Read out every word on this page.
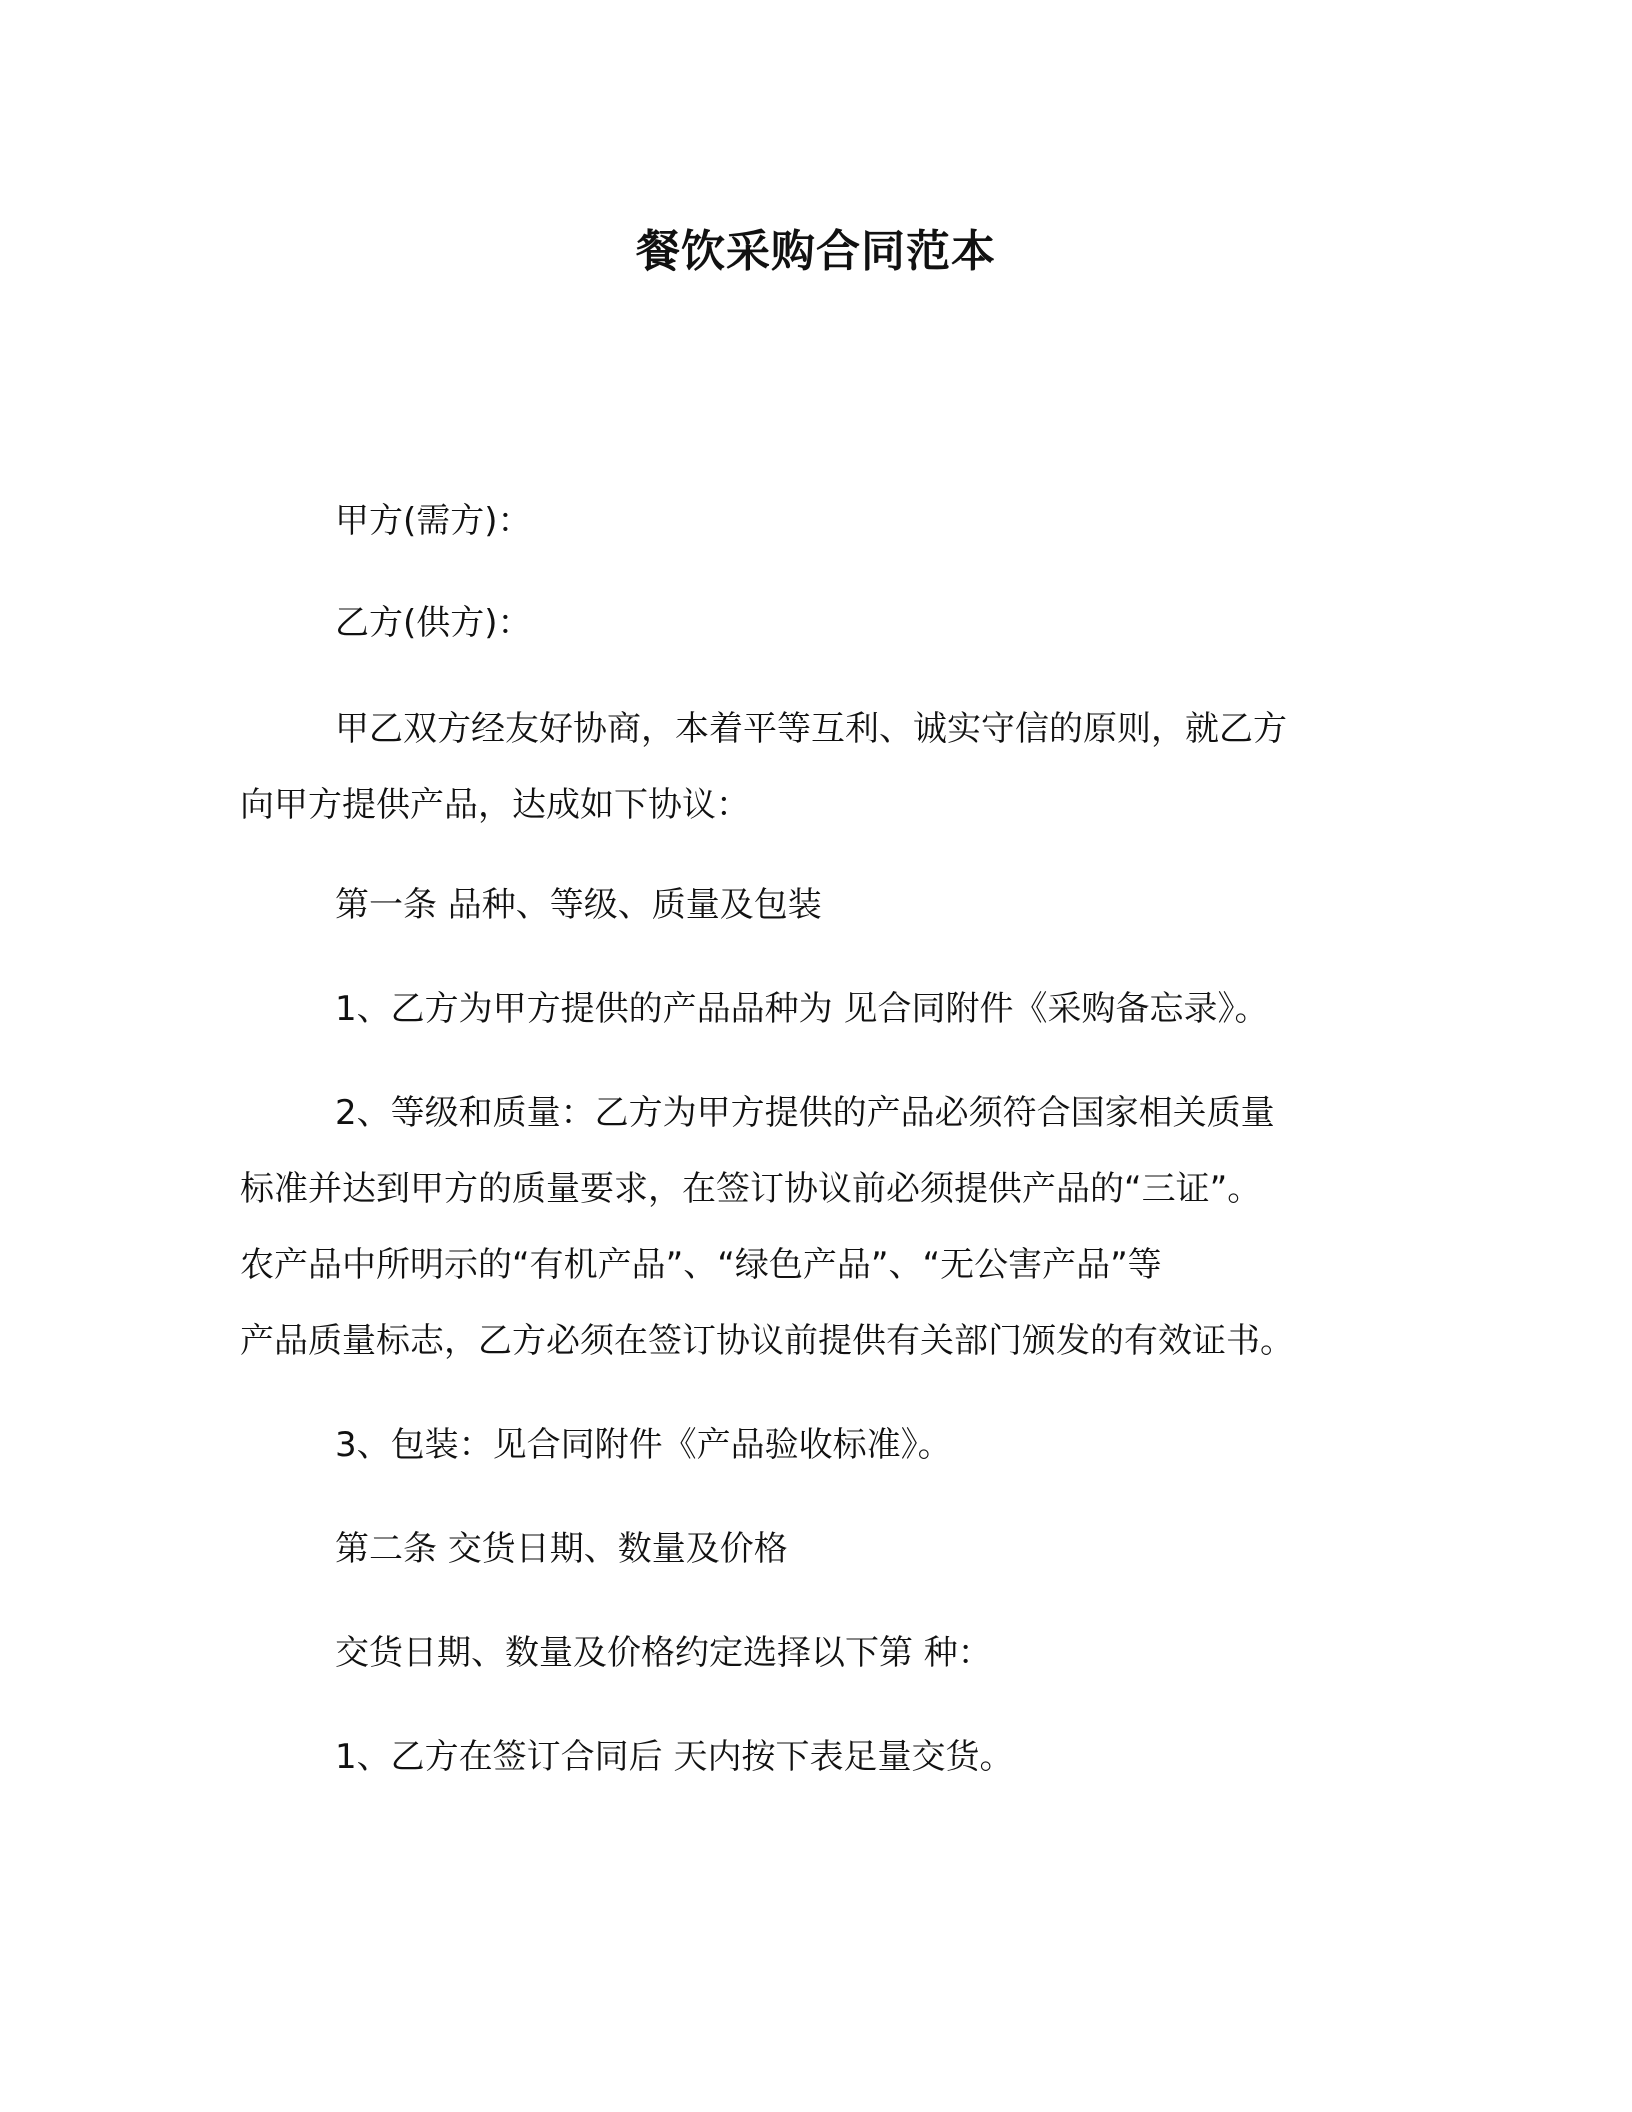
餐饮采购合同范本
甲方(需方)：
乙方(供方)：
甲乙双方经友好协商，本着平等互利、诚实守信的原则，就乙方
向甲方提供产品，达成如下协议：
第一条 品种、等级、质量及包装
1、乙方为甲方提供的产品品种为 见合同附件《采购备忘录》。
2、等级和质量：乙方为甲方提供的产品必须符合国家相关质量
标准并达到甲方的质量要求，在签订协议前必须提供产品的“三证”。
农产品中所明示的“有机产品”、“绿色产品”、“无公害产品”等
产品质量标志，乙方必须在签订协议前提供有关部门颁发的有效证书。
3、包装：见合同附件《产品验收标准》。
第二条 交货日期、数量及价格
交货日期、数量及价格约定选择以下第 种：
1、乙方在签订合同后 天内按下表足量交货。
